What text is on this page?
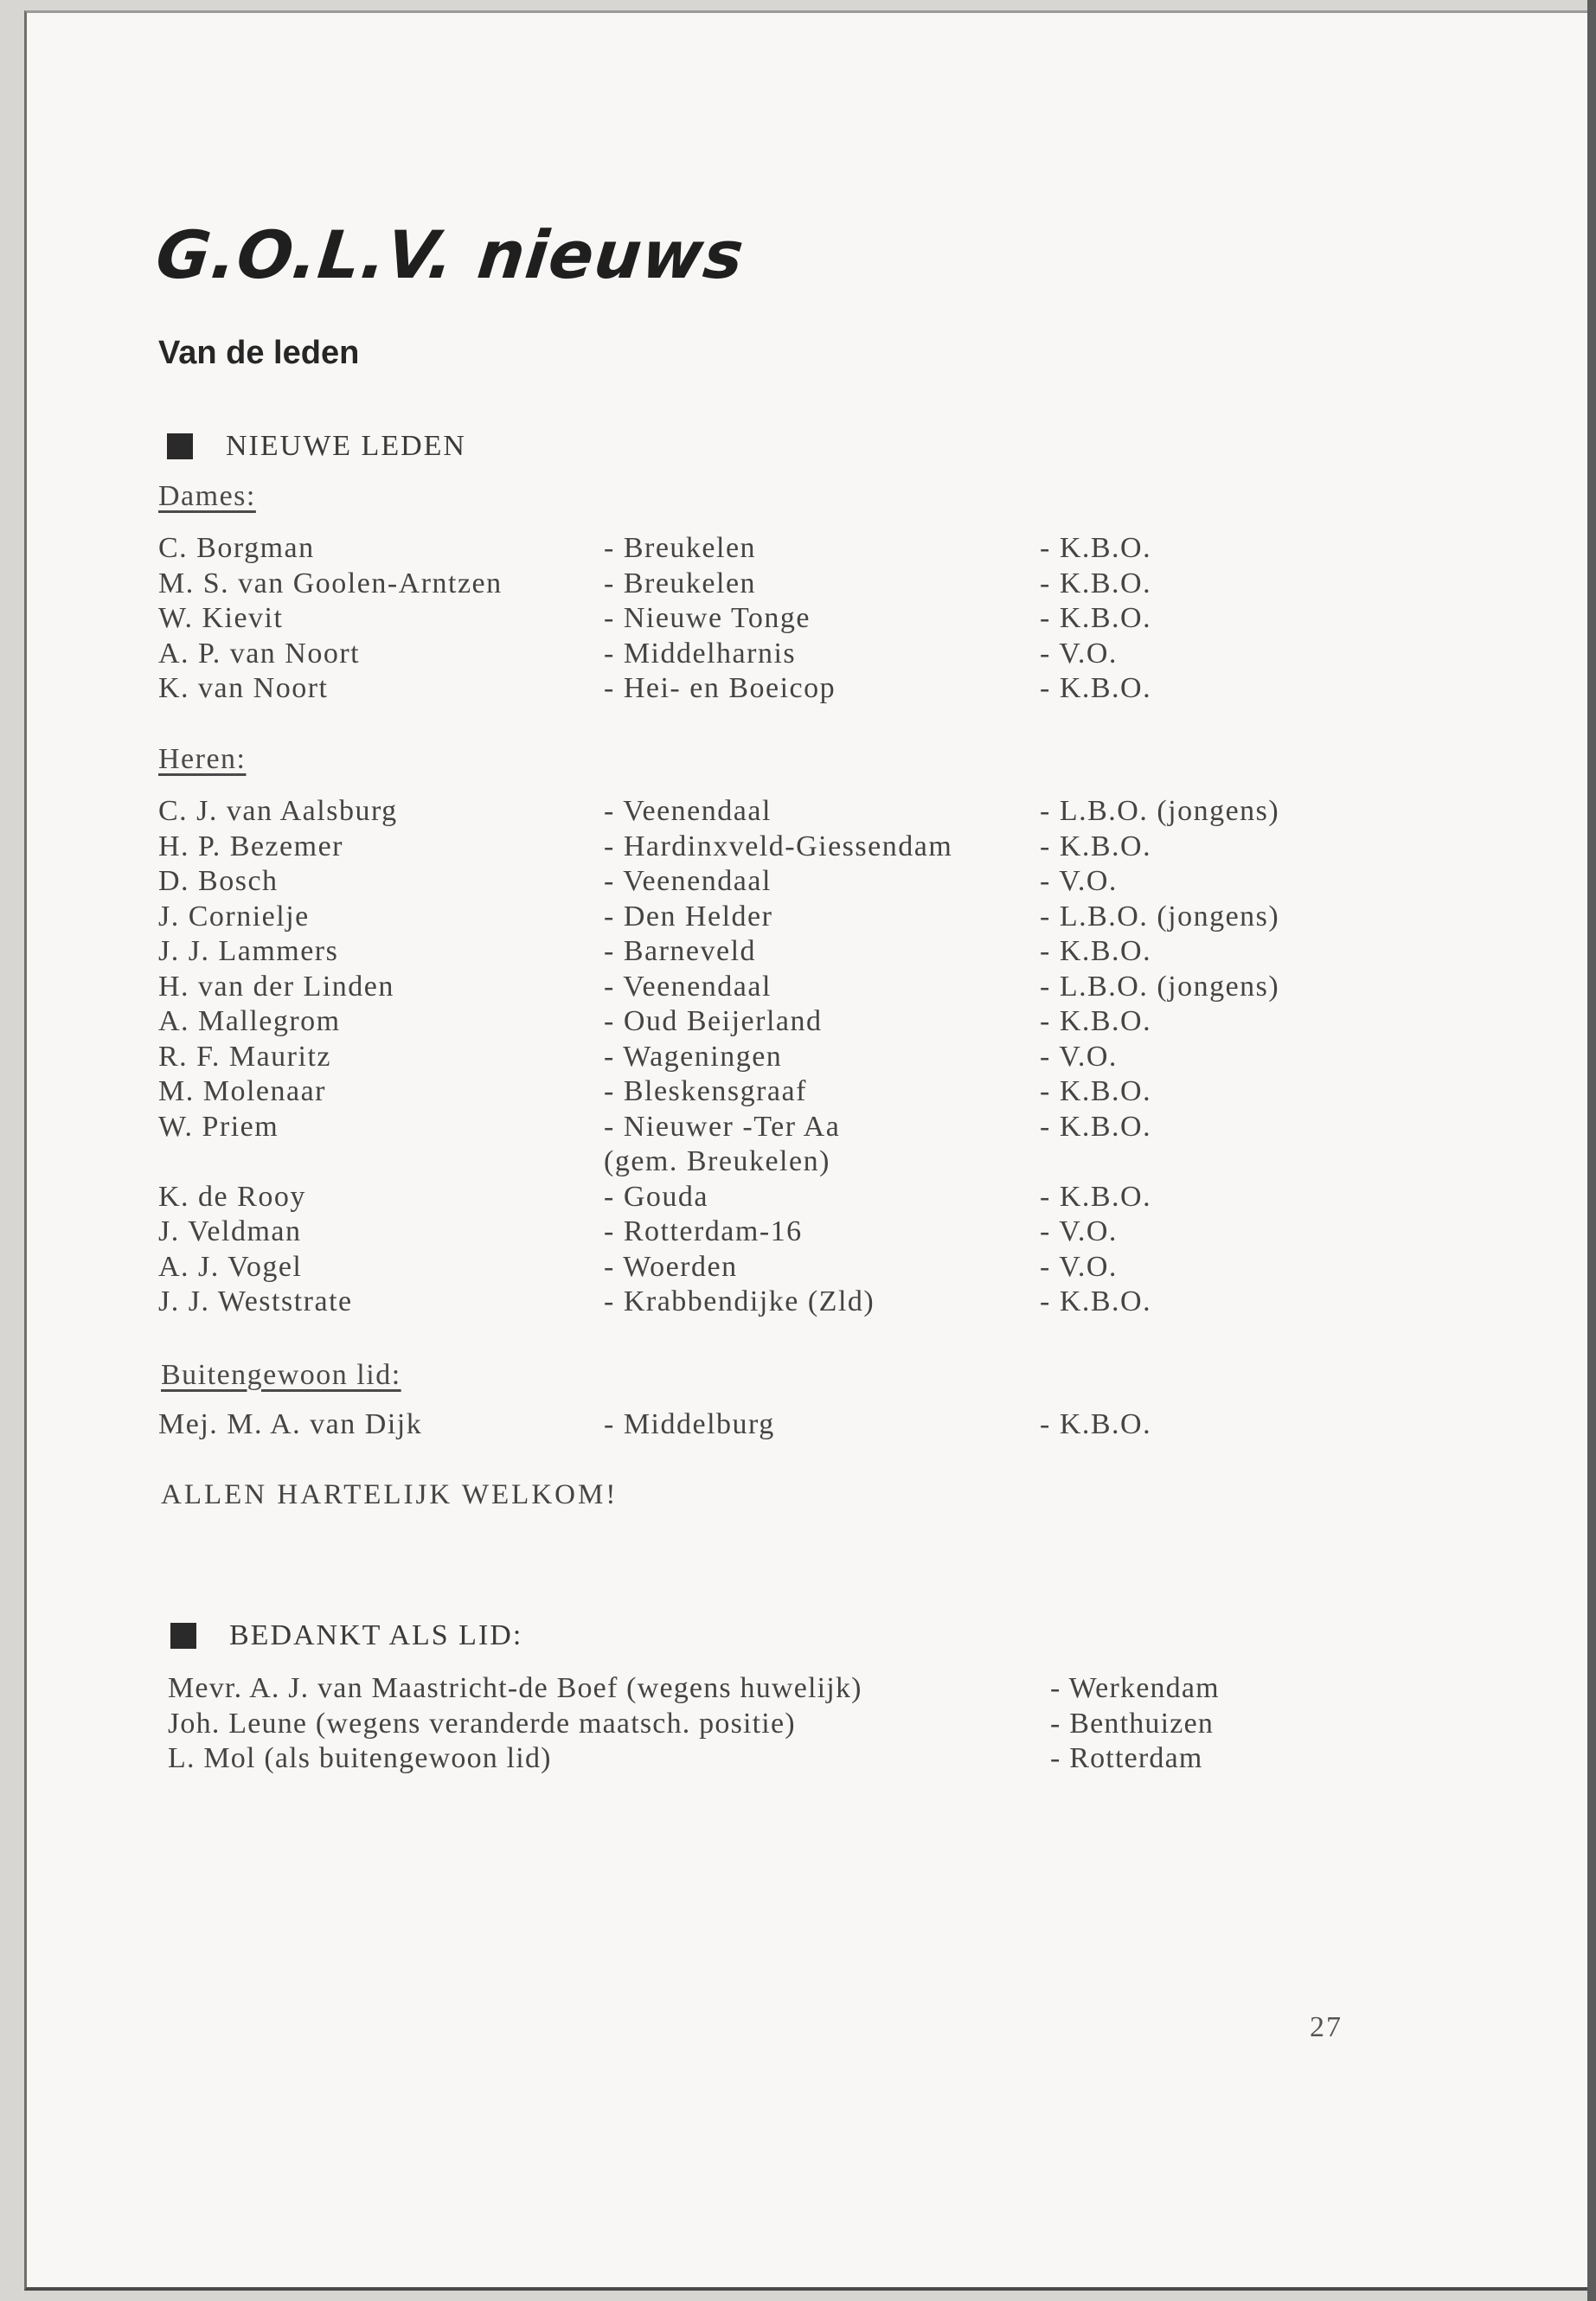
G.O.L.V. nieuws
Van de leden
NIEUWE LEDEN
Dames:
C. Borgman	- Breukelen	- K.B.O.
M. S. van Goolen-Arntzen	- Breukelen	- K.B.O.
W. Kievit	- Nieuwe Tonge	- K.B.O.
A. P. van Noort	- Middelharnis	- V.O.
K. van Noort	- Hei- en Boeicop	- K.B.O.
Heren:
C. J. van Aalsburg	- Veenendaal	- L.B.O. (jongens)
H. P. Bezemer	- Hardinxveld-Giessendam	- K.B.O.
D. Bosch	- Veenendaal	- V.O.
J. Cornielje	- Den Helder	- L.B.O. (jongens)
J. J. Lammers	- Barneveld	- K.B.O.
H. van der Linden	- Veenendaal	- L.B.O. (jongens)
A. Mallegrom	- Oud Beijerland	- K.B.O.
R. F. Mauritz	- Wageningen	- V.O.
M. Molenaar	- Bleskensgraaf	- K.B.O.
W. Priem	- Nieuwer -Ter Aa	- K.B.O.
(gem. Breukelen)
K. de Rooy	- Gouda	- K.B.O.
J. Veldman	- Rotterdam-16	- V.O.
A. J. Vogel	- Woerden	- V.O.
J. J. Weststrate	- Krabbendijke (Zld)	- K.B.O.
Buitengewoon lid:
Mej. M. A. van Dijk	- Middelburg	- K.B.O.
ALLEN HARTELIJK WELKOM!
BEDANKT ALS LID:
Mevr. A. J. van Maastricht-de Boef (wegens huwelijk)	- Werkendam
Joh. Leune (wegens veranderde maatsch. positie)	- Benthuizen
L. Mol (als buitengewoon lid)	- Rotterdam
27
